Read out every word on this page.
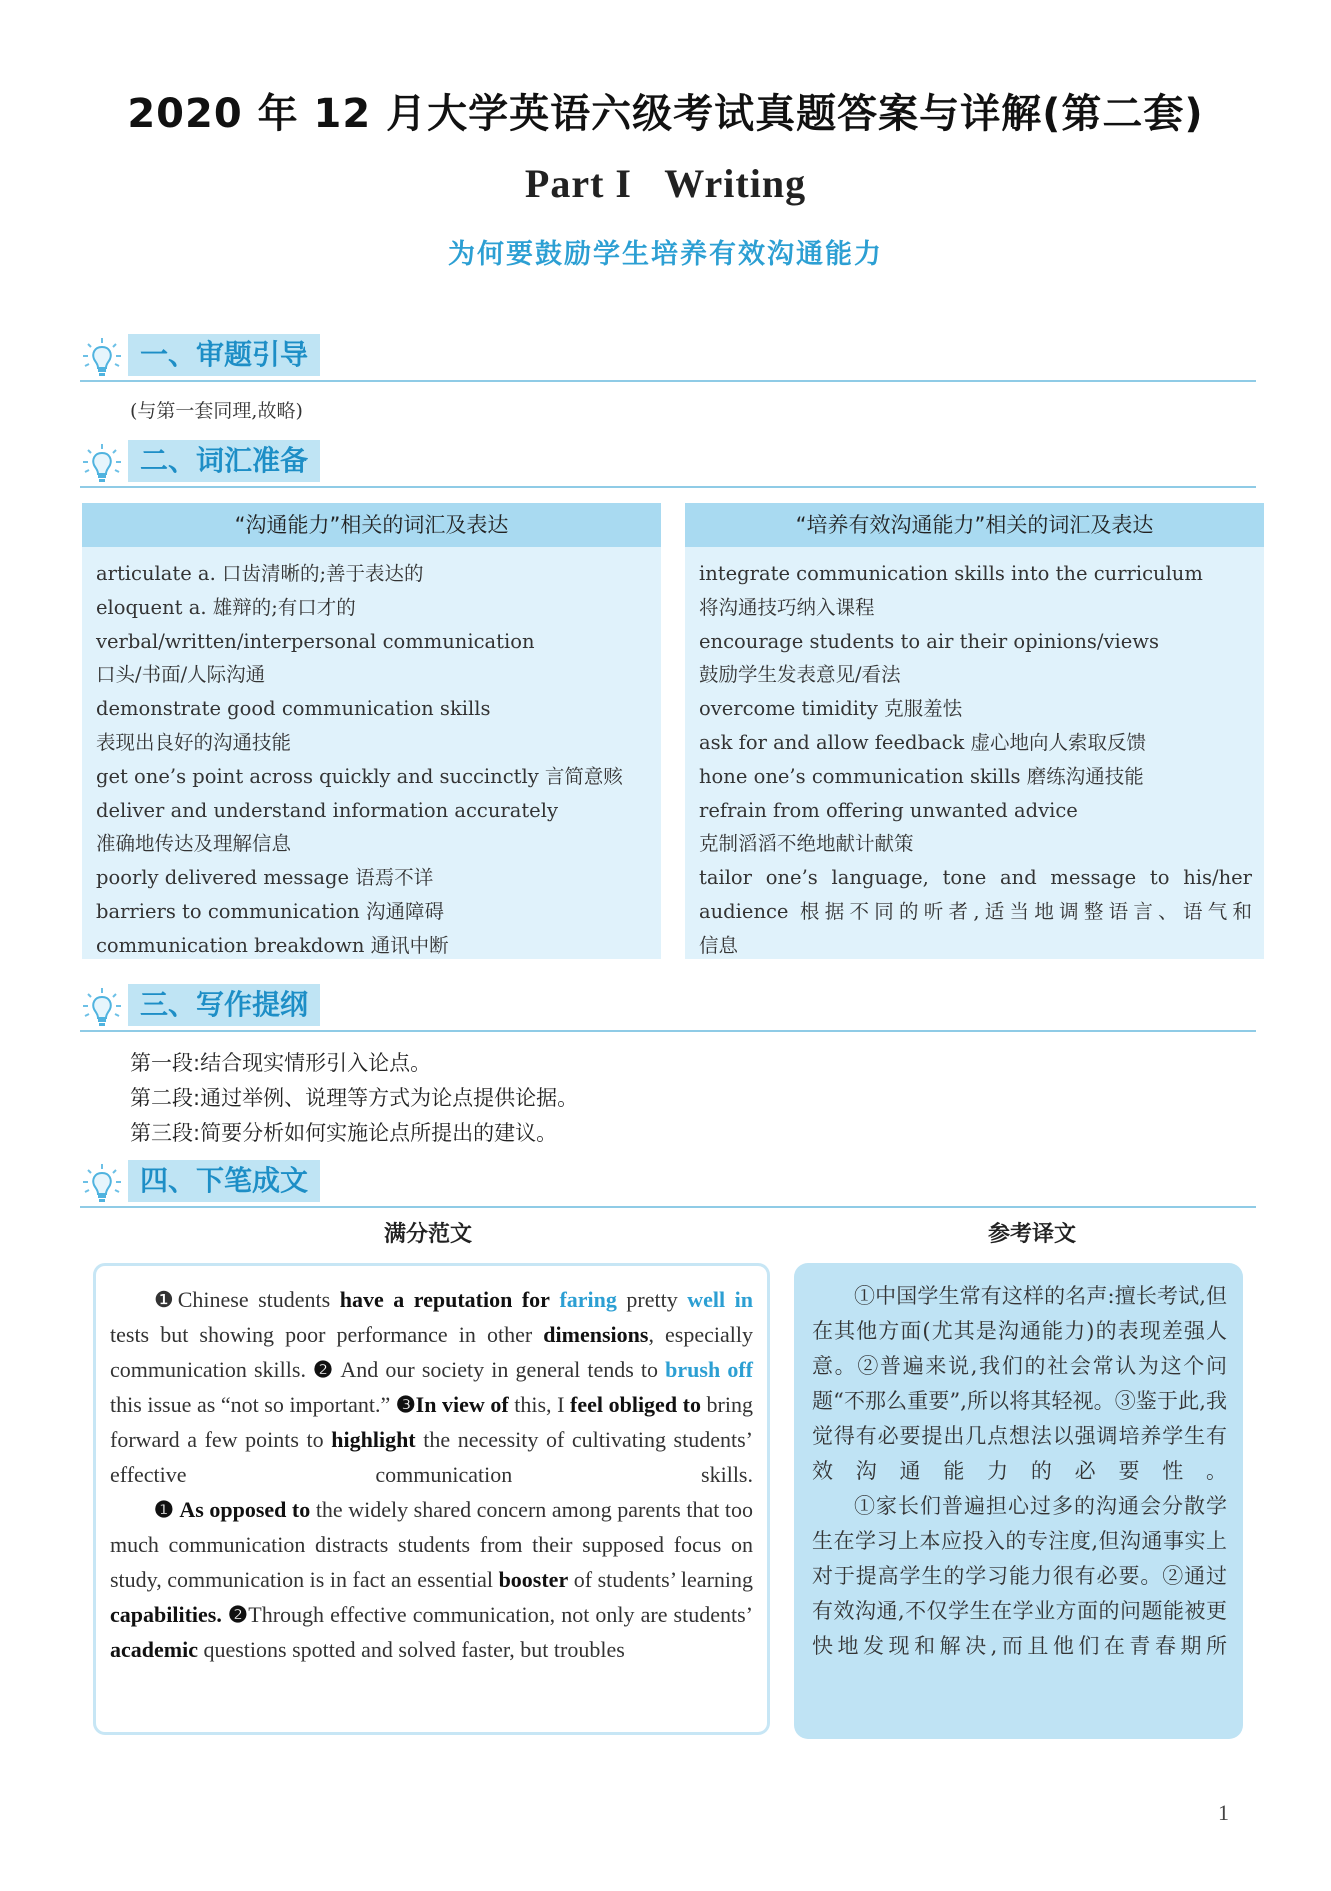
2020 年 12 月大学英语六级考试真题答案与详解(第二套)
Part I   Writing
为何要鼓励学生培养有效沟通能力
一、审题引导
(与第一套同理,故略)
二、词汇准备
“沟通能力”相关的词汇及表达
articulate a. 口齿清晰的;善于表达的
eloquent a. 雄辩的;有口才的
verbal/written/interpersonal communication
口头/书面/人际沟通
demonstrate good communication skills
表现出良好的沟通技能
get one’s point across quickly and succinctly 言简意赅
deliver and understand information accurately
准确地传达及理解信息
poorly delivered message 语焉不详
barriers to communication 沟通障碍
communication breakdown 通讯中断
“培养有效沟通能力”相关的词汇及表达
integrate communication skills into the curriculum
将沟通技巧纳入课程
encourage students to air their opinions/views
鼓励学生发表意见/看法
overcome timidity 克服羞怯
ask for and allow feedback 虚心地向人索取反馈
hone one’s communication skills 磨练沟通技能
refrain from offering unwanted advice
克制滔滔不绝地献计献策
tailor one’s language, tone and message to his/her
audience 根据不同的听者,适当地调整语言、语气和
信息
三、写作提纲
第一段:结合现实情形引入论点。
第二段:通过举例、说理等方式为论点提供论据。
第三段:简要分析如何实施论点所提出的建议。
四、下笔成文
满分范文	参考译文

❶Chinese students have a reputation for faring pretty well in tests but showing poor performance in other dimensions, especially communication skills. ❷ And our society in general tends to brush off this issue as “not so important.” ❸In view of this, I feel obliged to bring forward a few points to highlight the necessity of cultivating students’ effective communication skills.

❶ As opposed to the widely shared concern among parents that too much communication distracts students from their supposed focus on study, communication is in fact an essential booster of students’ learning capabilities. ❷Through effective communication, not only are students’ academic questions spotted and solved faster, but troubles

①中国学生常有这样的名声:擅长考试,但在其他方面(尤其是沟通能力)的表现差强人意。②普遍来说,我们的社会常认为这个问题“不那么重要”,所以将其轻视。③鉴于此,我觉得有必要提出几点想法以强调培养学生有效沟通能力的必要性。

①家长们普遍担心过多的沟通会分散学生在学习上本应投入的专注度,但沟通事实上对于提高学生的学习能力很有必要。②通过有效沟通,不仅学生在学业方面的问题能被更快地发现和解决,而且他们在青春期所

1
